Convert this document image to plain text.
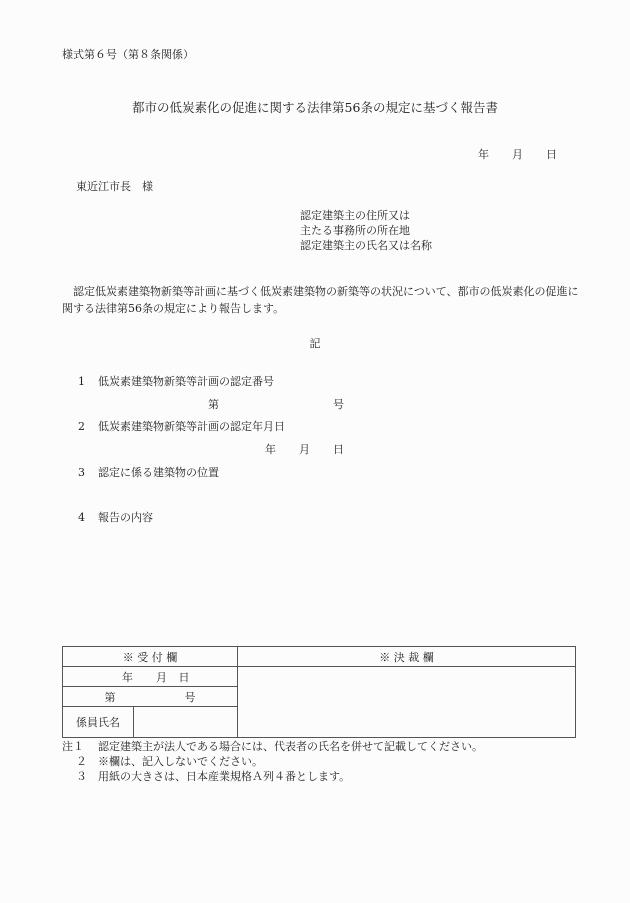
様式第６号（第８条関係）
都市の低炭素化の促進に関する法律第56条の規定に基づく報告書
年 月 日
東近江市長　様
認定建築主の住所又は
主たる事務所の所在地
認定建築主の氏名又は名称
認定低炭素建築物新築等計画に基づく低炭素建築物の新築等の状況について、都市の低炭素化の促進に関する法律第56条の規定により報告します。
記
1 低炭素建築物新築等計画の認定番号
第	号
2 低炭素建築物新築等計画の認定年月日
年 月 日
3 認定に係る建築物の位置
4 報告の内容
※ 受 付 欄		※ 決 裁 欄
年 月 日		
第 号		
係員氏名		
注１ 認定建築主が法人である場合には、代表者の氏名を併せて記載してください。
２ ※欄は、記入しないでください。
３ 用紙の大きさは、日本産業規格Ａ列４番とします。
